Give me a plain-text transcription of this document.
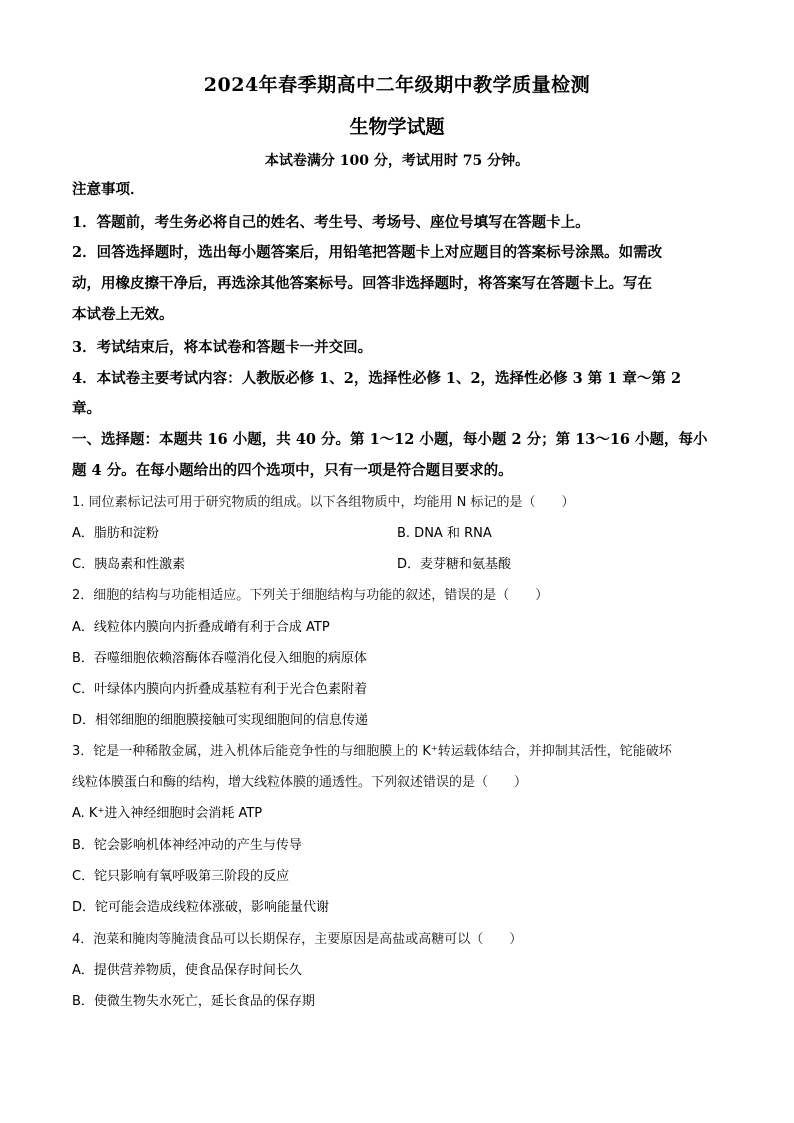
2024年春季期高中二年级期中教学质量检测
生物学试题
本试卷满分 100 分，考试用时 75 分钟。
注意事项．
1．答题前，考生务必将自己的姓名、考生号、考场号、座位号填写在答题卡上。
2．回答选择题时，选出每小题答案后，用铅笔把答题卡上对应题目的答案标号涂黑。如需改
动，用橡皮擦干净后，再选涂其他答案标号。回答非选择题时，将答案写在答题卡上。写在
本试卷上无效。
3．考试结束后，将本试卷和答题卡一并交回。
4．本试卷主要考试内容：人教版必修 1、2，选择性必修 1、2，选择性必修 3 第 1 章～第 2
章。
一、选择题：本题共 16 小题，共 40 分。第 1～12 小题，每小题 2 分；第 13～16 小题，每小
题 4 分。在每小题给出的四个选项中，只有一项是符合题目要求的。
1. 同位素标记法可用于研究物质的组成。以下各组物质中，均能用 N 标记的是（　　）
A．脂肪和淀粉	B. DNA 和 RNA
C．胰岛素和性激素	D．麦芽糖和氨基酸
2．细胞的结构与功能相适应。下列关于细胞结构与功能的叙述，错误的是（　　）
A．线粒体内膜向内折叠成嵴有利于合成 ATP
B．吞噬细胞依赖溶酶体吞噬消化侵入细胞的病原体
C．叶绿体内膜向内折叠成基粒有利于光合色素附着
D．相邻细胞的细胞膜接触可实现细胞间的信息传递
3．铊是一种稀散金属，进入机体后能竞争性的与细胞膜上的 K⁺转运载体结合，并抑制其活性，铊能破坏
线粒体膜蛋白和酶的结构，增大线粒体膜的通透性。下列叙述错误的是（　　）
A. K⁺进入神经细胞时会消耗 ATP
B．铊会影响机体神经冲动的产生与传导
C．铊只影响有氧呼吸第三阶段的反应
D．铊可能会造成线粒体涨破，影响能量代谢
4．泡菜和腌肉等腌渍食品可以长期保存，主要原因是高盐或高糖可以（　　）
A．提供营养物质，使食品保存时间长久
B．使微生物失水死亡，延长食品的保存期
